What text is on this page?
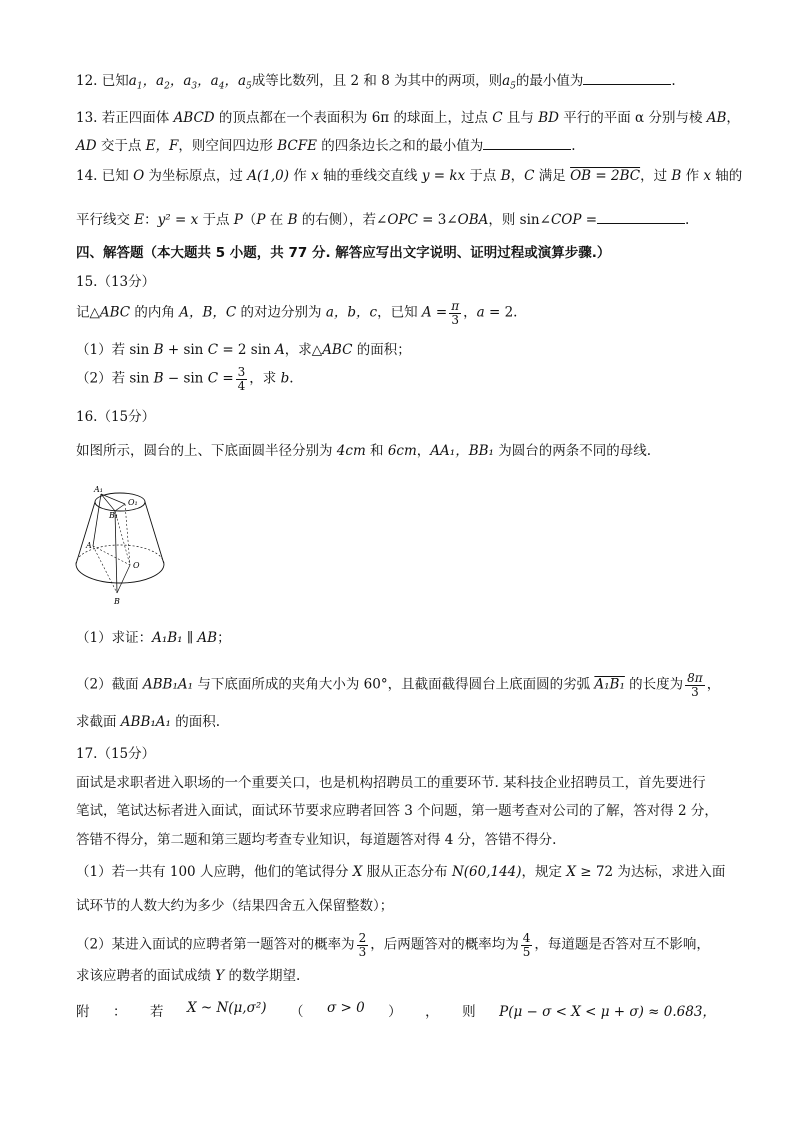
12. 已知$a_1$，$a_2$，$a_3$，$a_4$，$a_5$成等比数列，且 2 和 8 为其中的两项，则$a_5$的最小值为	.
13. 若正四面体 ABCD 的顶点都在一个表面积为 6π 的球面上，过点 C 且与 BD 平行的平面 α 分别与棱 AB，
AD 交于点 E，F，则空间四边形 BCFE 的四条边长之和的最小值为	.
14. 已知 O 为坐标原点，过 A(1,0) 作 x 轴的垂线交直线 y = kx 于点 B，C 满足 OB = 2BC，过 B 作 x 轴的
平行线交 E：y² = x 于点 P（P 在 B 的右侧），若∠OPC = 3∠OBA，则 sin∠COP =	.
四、解答题（本大题共 5 小题，共 77 分. 解答应写出文字说明、证明过程或演算步骤.）
15.（13分）
记△ABC 的内角 A，B，C 的对边分别为 a，b，c，已知 $A = \frac{\pi}{3}$ ，a = 2.
（1）若 sin B + sin C = 2 sin A，求△ABC 的面积；
（2）若 $\sin B - \sin C = \frac{3}{4}$ ，求 b.
16.（15分）
如图所示，圆台的上、下底面圆半径分别为 4cm 和 6cm，AA₁，BB₁ 为圆台的两条不同的母线.
A₁
O₁
B₁
A
O
B
（1）求证：A₁B₁ ∥ AB；
（2）截面 ABB₁A₁ 与下底面所成的夹角大小为 60°，且截面截得圆台上底面圆的劣弧 A₁B₁ 的长度为 $\frac{8\pi}{3}$ ，
求截面 ABB₁A₁ 的面积.
17.（15分）
面试是求职者进入职场的一个重要关口，也是机构招聘员工的重要环节. 某科技企业招聘员工，首先要进行
笔试，笔试达标者进入面试，面试环节要求应聘者回答 3 个问题，第一题考查对公司的了解，答对得 2 分，
答错不得分，第二题和第三题均考查专业知识，每道题答对得 4 分，答错不得分.
（1）若一共有 100 人应聘，他们的笔试得分 X 服从正态分布 N(60,144)，规定 X ≥ 72 为达标，求进入面
试环节的人数大约为多少（结果四舍五入保留整数）；
（2）某进入面试的应聘者第一题答对的概率为 $\frac{2}{3}$ ，后两题答对的概率均为 $\frac{4}{5}$ ，每道题是否答对互不影响，
求该应聘者的面试成绩 Y 的数学期望.
附 ： 若 X ~ N(μ,σ²) （ σ > 0 ） ， 则 P(μ − σ < X < μ + σ) ≈ 0.683，
